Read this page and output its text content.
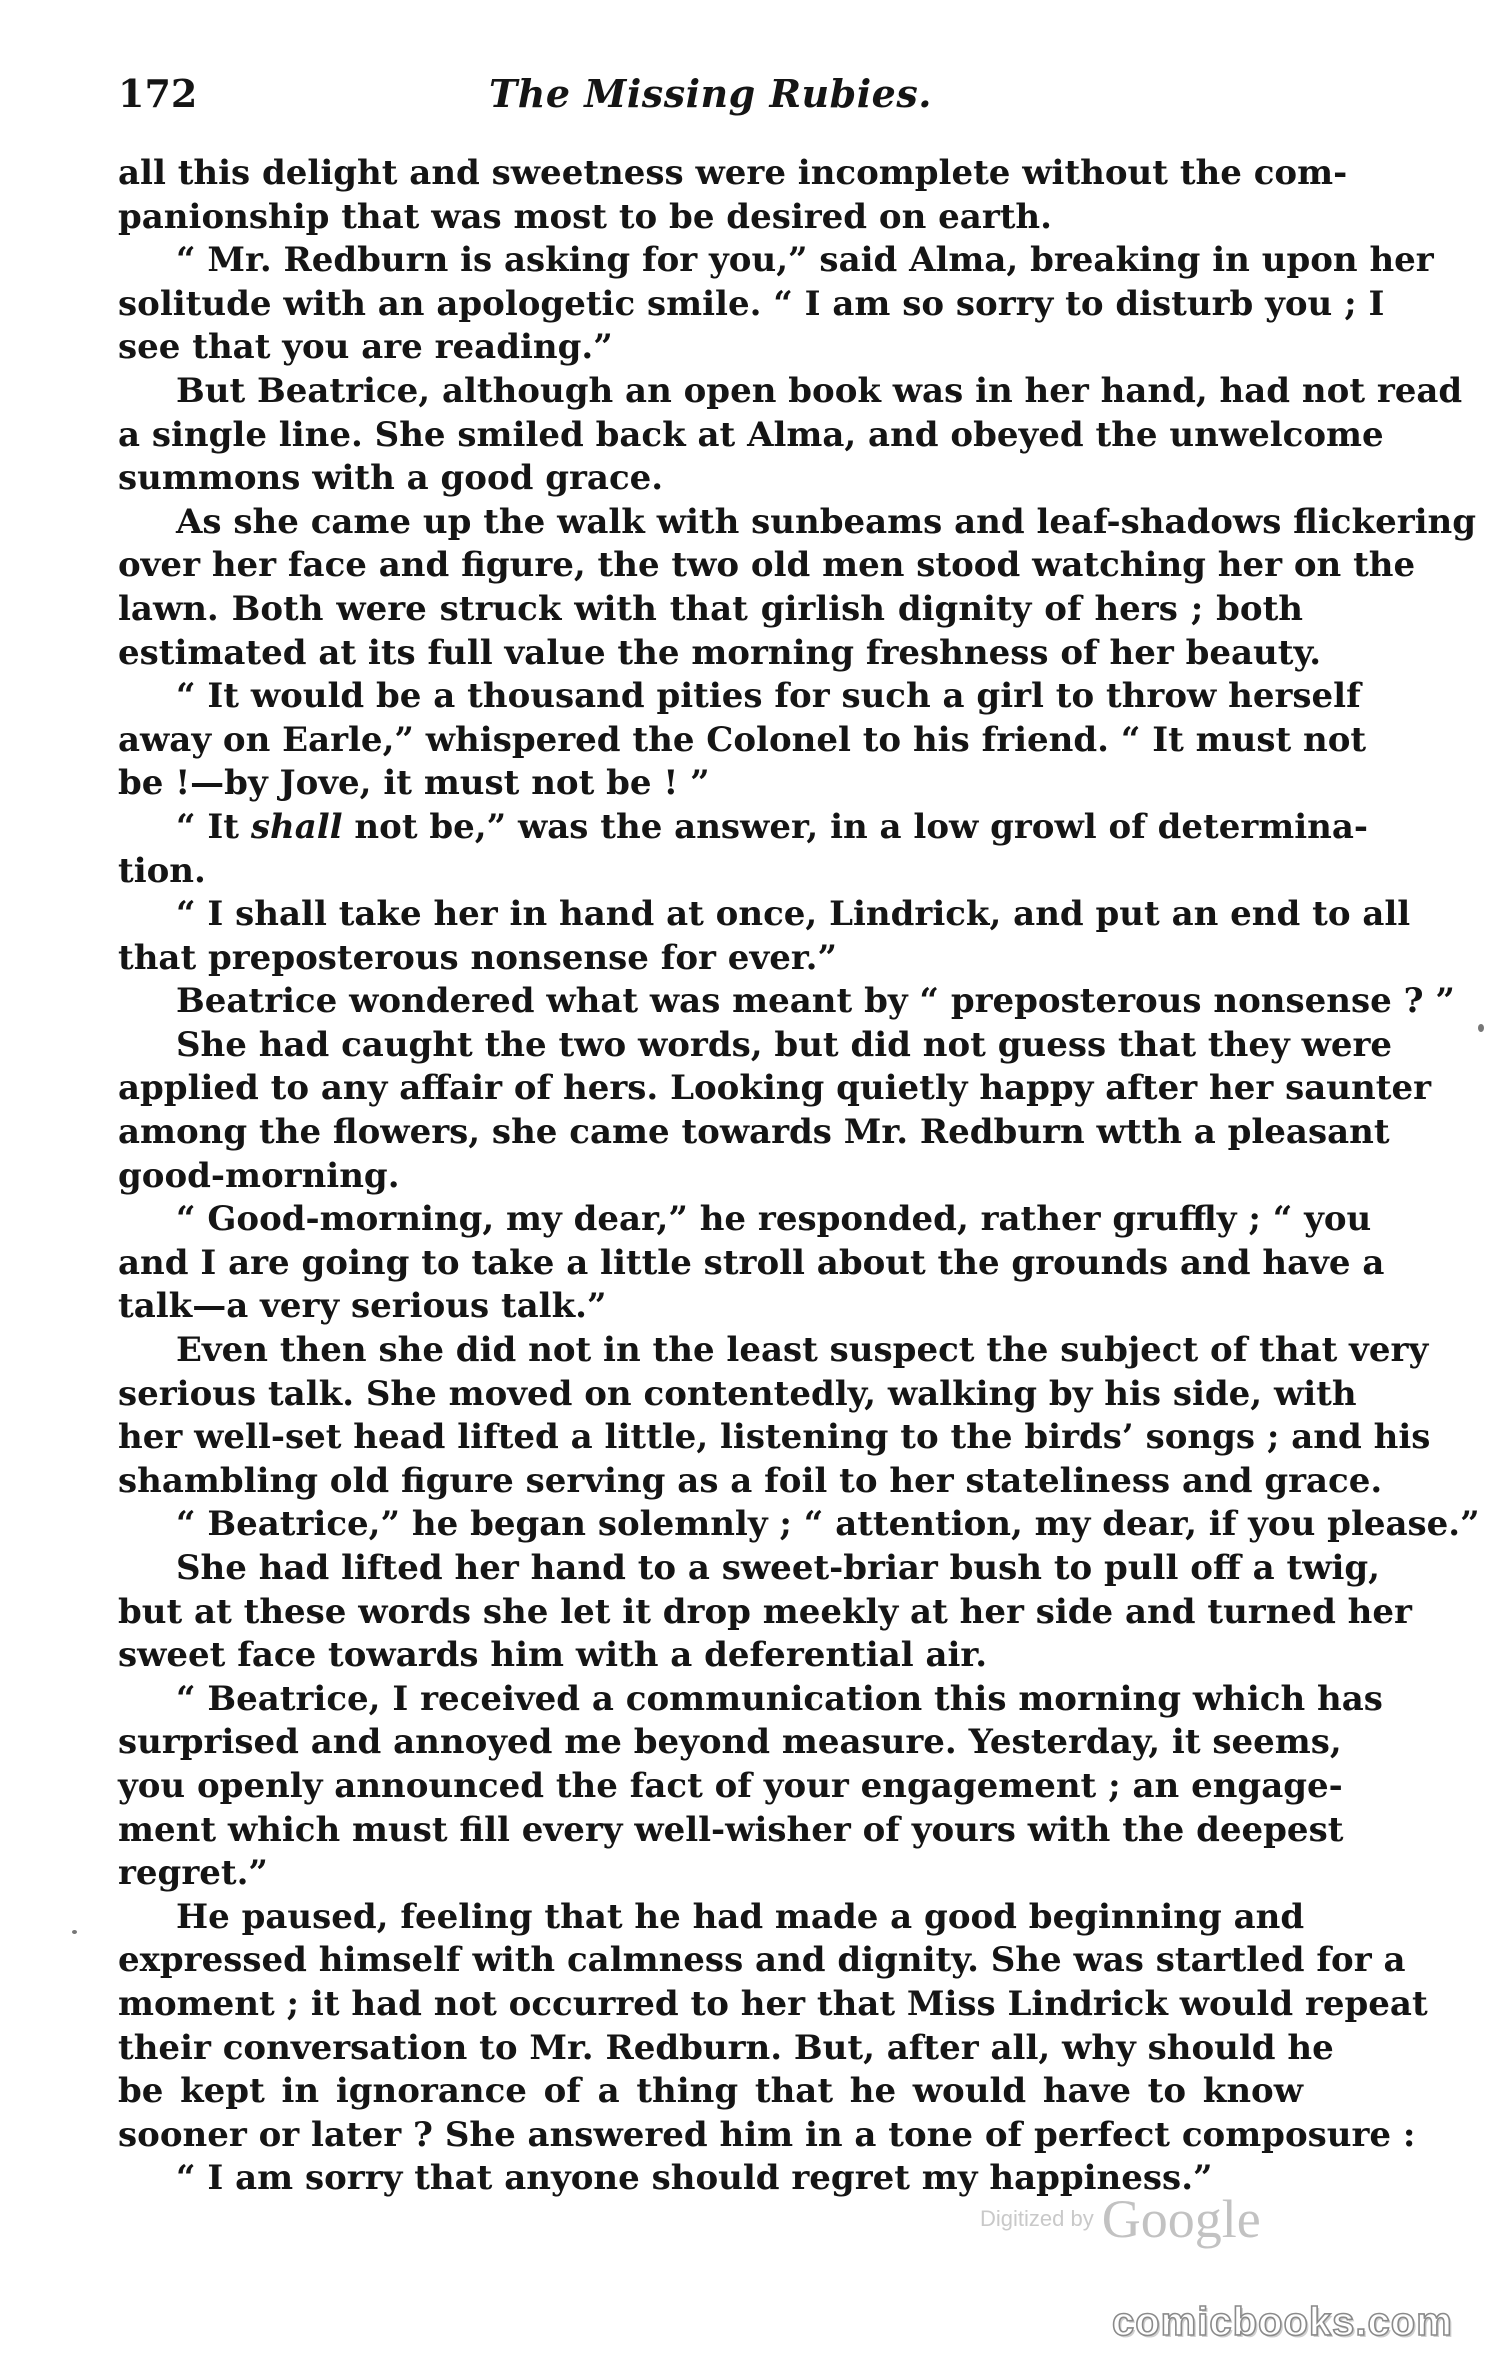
172	The Missing Rubies.
all this delight and sweetness were incomplete without the com-
panionship that was most to be desired on earth.
“ Mr. Redburn is asking for you,” said Alma, breaking in upon her
solitude with an apologetic smile. “ I am so sorry to disturb you ; I
see that you are reading.”
But Beatrice, although an open book was in her hand, had not read
a single line. She smiled back at Alma, and obeyed the unwelcome
summons with a good grace.
As she came up the walk with sunbeams and leaf-shadows flickering
over her face and figure, the two old men stood watching her on the
lawn. Both were struck with that girlish dignity of hers ; both
estimated at its full value the morning freshness of her beauty.
“ It would be a thousand pities for such a girl to throw herself
away on Earle,” whispered the Colonel to his friend. “ It must not
be !—by Jove, it must not be ! ”
“ It shall not be,” was the answer, in a low growl of determina-
tion.
“ I shall take her in hand at once, Lindrick, and put an end to all
that preposterous nonsense for ever.”
Beatrice wondered what was meant by “ preposterous nonsense ? ”
She had caught the two words, but did not guess that they were
applied to any affair of hers. Looking quietly happy after her saunter
among the flowers, she came towards Mr. Redburn wtth a pleasant
good-morning.
“ Good-morning, my dear,” he responded, rather gruffly ; “ you
and I are going to take a little stroll about the grounds and have a
talk—a very serious talk.”
Even then she did not in the least suspect the subject of that very
serious talk. She moved on contentedly, walking by his side, with
her well-set head lifted a little, listening to the birds’ songs ; and his
shambling old figure serving as a foil to her stateliness and grace.
“ Beatrice,” he began solemnly ; “ attention, my dear, if you please.”
She had lifted her hand to a sweet-briar bush to pull off a twig,
but at these words she let it drop meekly at her side and turned her
sweet face towards him with a deferential air.
“ Beatrice, I received a communication this morning which has
surprised and annoyed me beyond measure. Yesterday, it seems,
you openly announced the fact of your engagement ; an engage-
ment which must fill every well-wisher of yours with the deepest
regret.”
He paused, feeling that he had made a good beginning and
expressed himself with calmness and dignity. She was startled for a
moment ; it had not occurred to her that Miss Lindrick would repeat
their conversation to Mr. Redburn. But, after all, why should he
be kept in ignorance of a thing that he would have to know
sooner or later ? She answered him in a tone of perfect composure :
“ I am sorry that anyone should regret my happiness.”
Digitized by Google
comicbooks.com
